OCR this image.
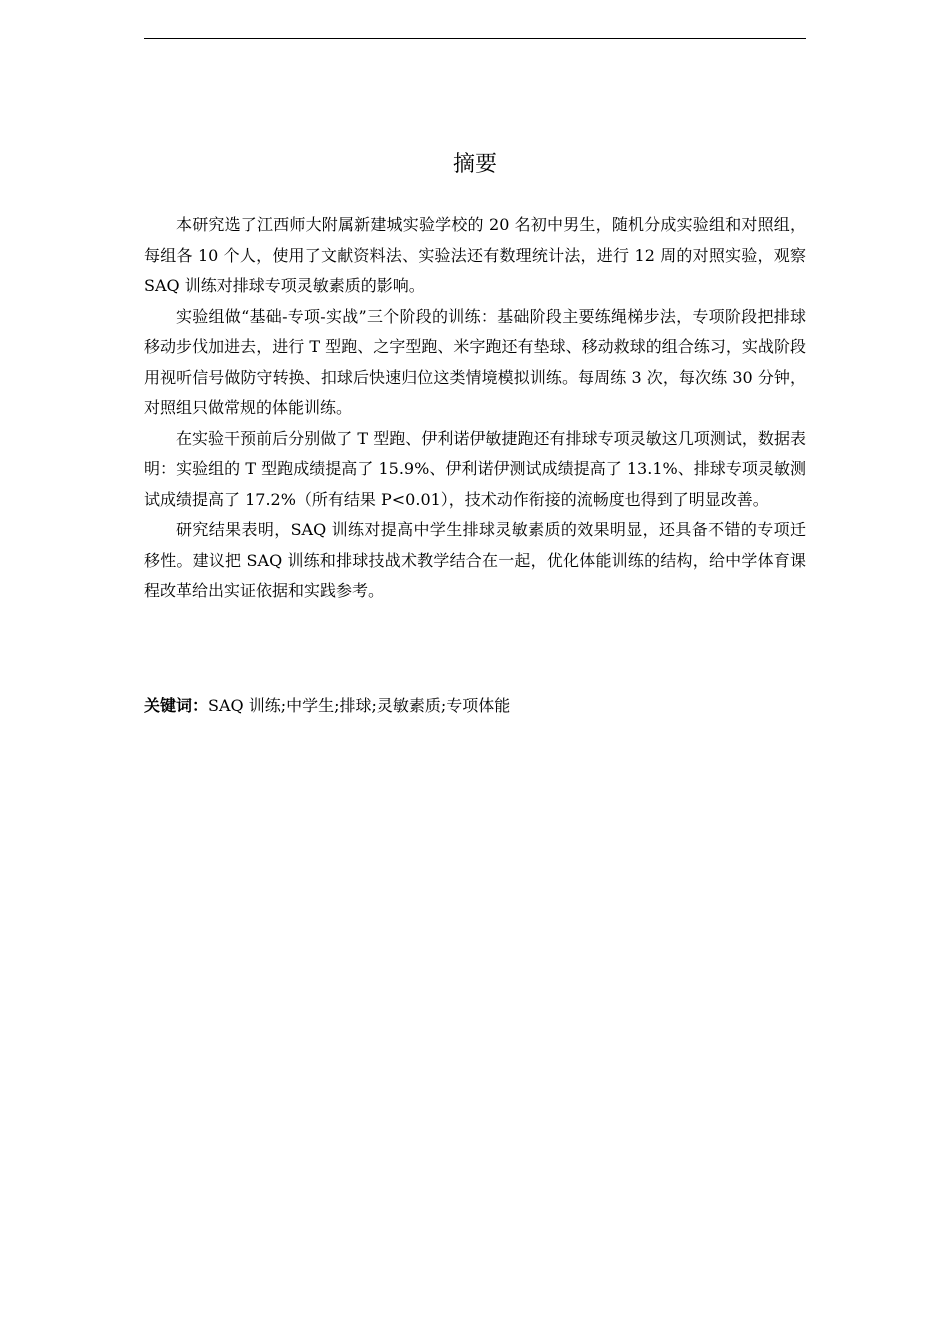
摘要

本研究选了江西师大附属新建城实验学校的 20 名初中男生，随机分成实验组和对照组，每组各 10 个人，使用了文献资料法、实验法还有数理统计法，进行 12 周的对照实验，观察 SAQ 训练对排球专项灵敏素质的影响。

实验组做“基础-专项-实战”三个阶段的训练：基础阶段主要练绳梯步法，专项阶段把排球移动步伐加进去，进行 T 型跑、之字型跑、米字跑还有垫球、移动救球的组合练习，实战阶段用视听信号做防守转换、扣球后快速归位这类情境模拟训练。每周练 3 次，每次练 30 分钟，对照组只做常规的体能训练。

在实验干预前后分别做了 T 型跑、伊利诺伊敏捷跑还有排球专项灵敏这几项测试，数据表明：实验组的 T 型跑成绩提高了 15.9%、伊利诺伊测试成绩提高了 13.1%、排球专项灵敏测试成绩提高了 17.2%（所有结果 P<0.01），技术动作衔接的流畅度也得到了明显改善。

研究结果表明，SAQ 训练对提高中学生排球灵敏素质的效果明显，还具备不错的专项迁移性。建议把 SAQ 训练和排球技战术教学结合在一起，优化体能训练的结构，给中学体育课程改革给出实证依据和实践参考。

关键词：SAQ 训练;中学生;排球;灵敏素质;专项体能
